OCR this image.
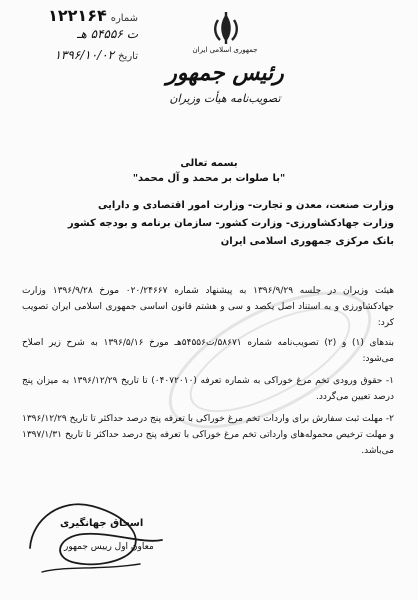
شماره
۱۲۲۱۶۴
ت ۵۴۵۵۶ هـ
تاریخ
۱۳۹۶/۱۰/۰۲	جمهوری اسلامی ایران
رئیس جمهور
تصویب‌نامه هیأت وزیران
بسمه تعالی
"با صلوات بر محمد و آل محمد"
وزارت صنعت، معدن و تجارت- وزارت امور اقتصادی و دارایی
وزارت جهادکشاورزی- وزارت کشور- سازمان برنامه و بودجه کشور
بانک مرکزی جمهوری اسلامی ایران

هیئت وزیران در جلسه ۱۳۹۶/۹/۲۹ به پیشنهاد شماره ۰۲۰/۲۴۶۶۷ مورخ ۱۳۹۶/۹/۲۸ وزارت جهادکشاورزی و به استناد اصل یکصد و سی و هشتم قانون اساسی جمهوری اسلامی ایران تصویب کرد:

بندهای (۱) و (۲) تصویب‌نامه شماره ۵۸۶۷۱/ت۵۴۵۵۶هـ مورخ ۱۳۹۶/۵/۱۶ به شرح زیر اصلاح می‌شود:

۱- حقوق ورودی تخم مرغ خوراکی به شماره تعرفه (۰۴۰۷۲۰۱۰) تا تاریخ ۱۳۹۶/۱۲/۲۹ به میزان پنج درصد تعیین می‌گردد.

۲- مهلت ثبت سفارش برای واردات تخم مرغ خوراکی با تعرفه پنج درصد حداکثر تا تاریخ ۱۳۹۶/۱۲/۲۹ و مهلت ترخیص محموله‌های وارداتی تخم مرغ خوراکی با تعرفه پنج درصد حداکثر تا تاریخ ۱۳۹۷/۱/۳۱ می‌باشد.

اسحاق جهانگیری
معاون اول رییس جمهور
